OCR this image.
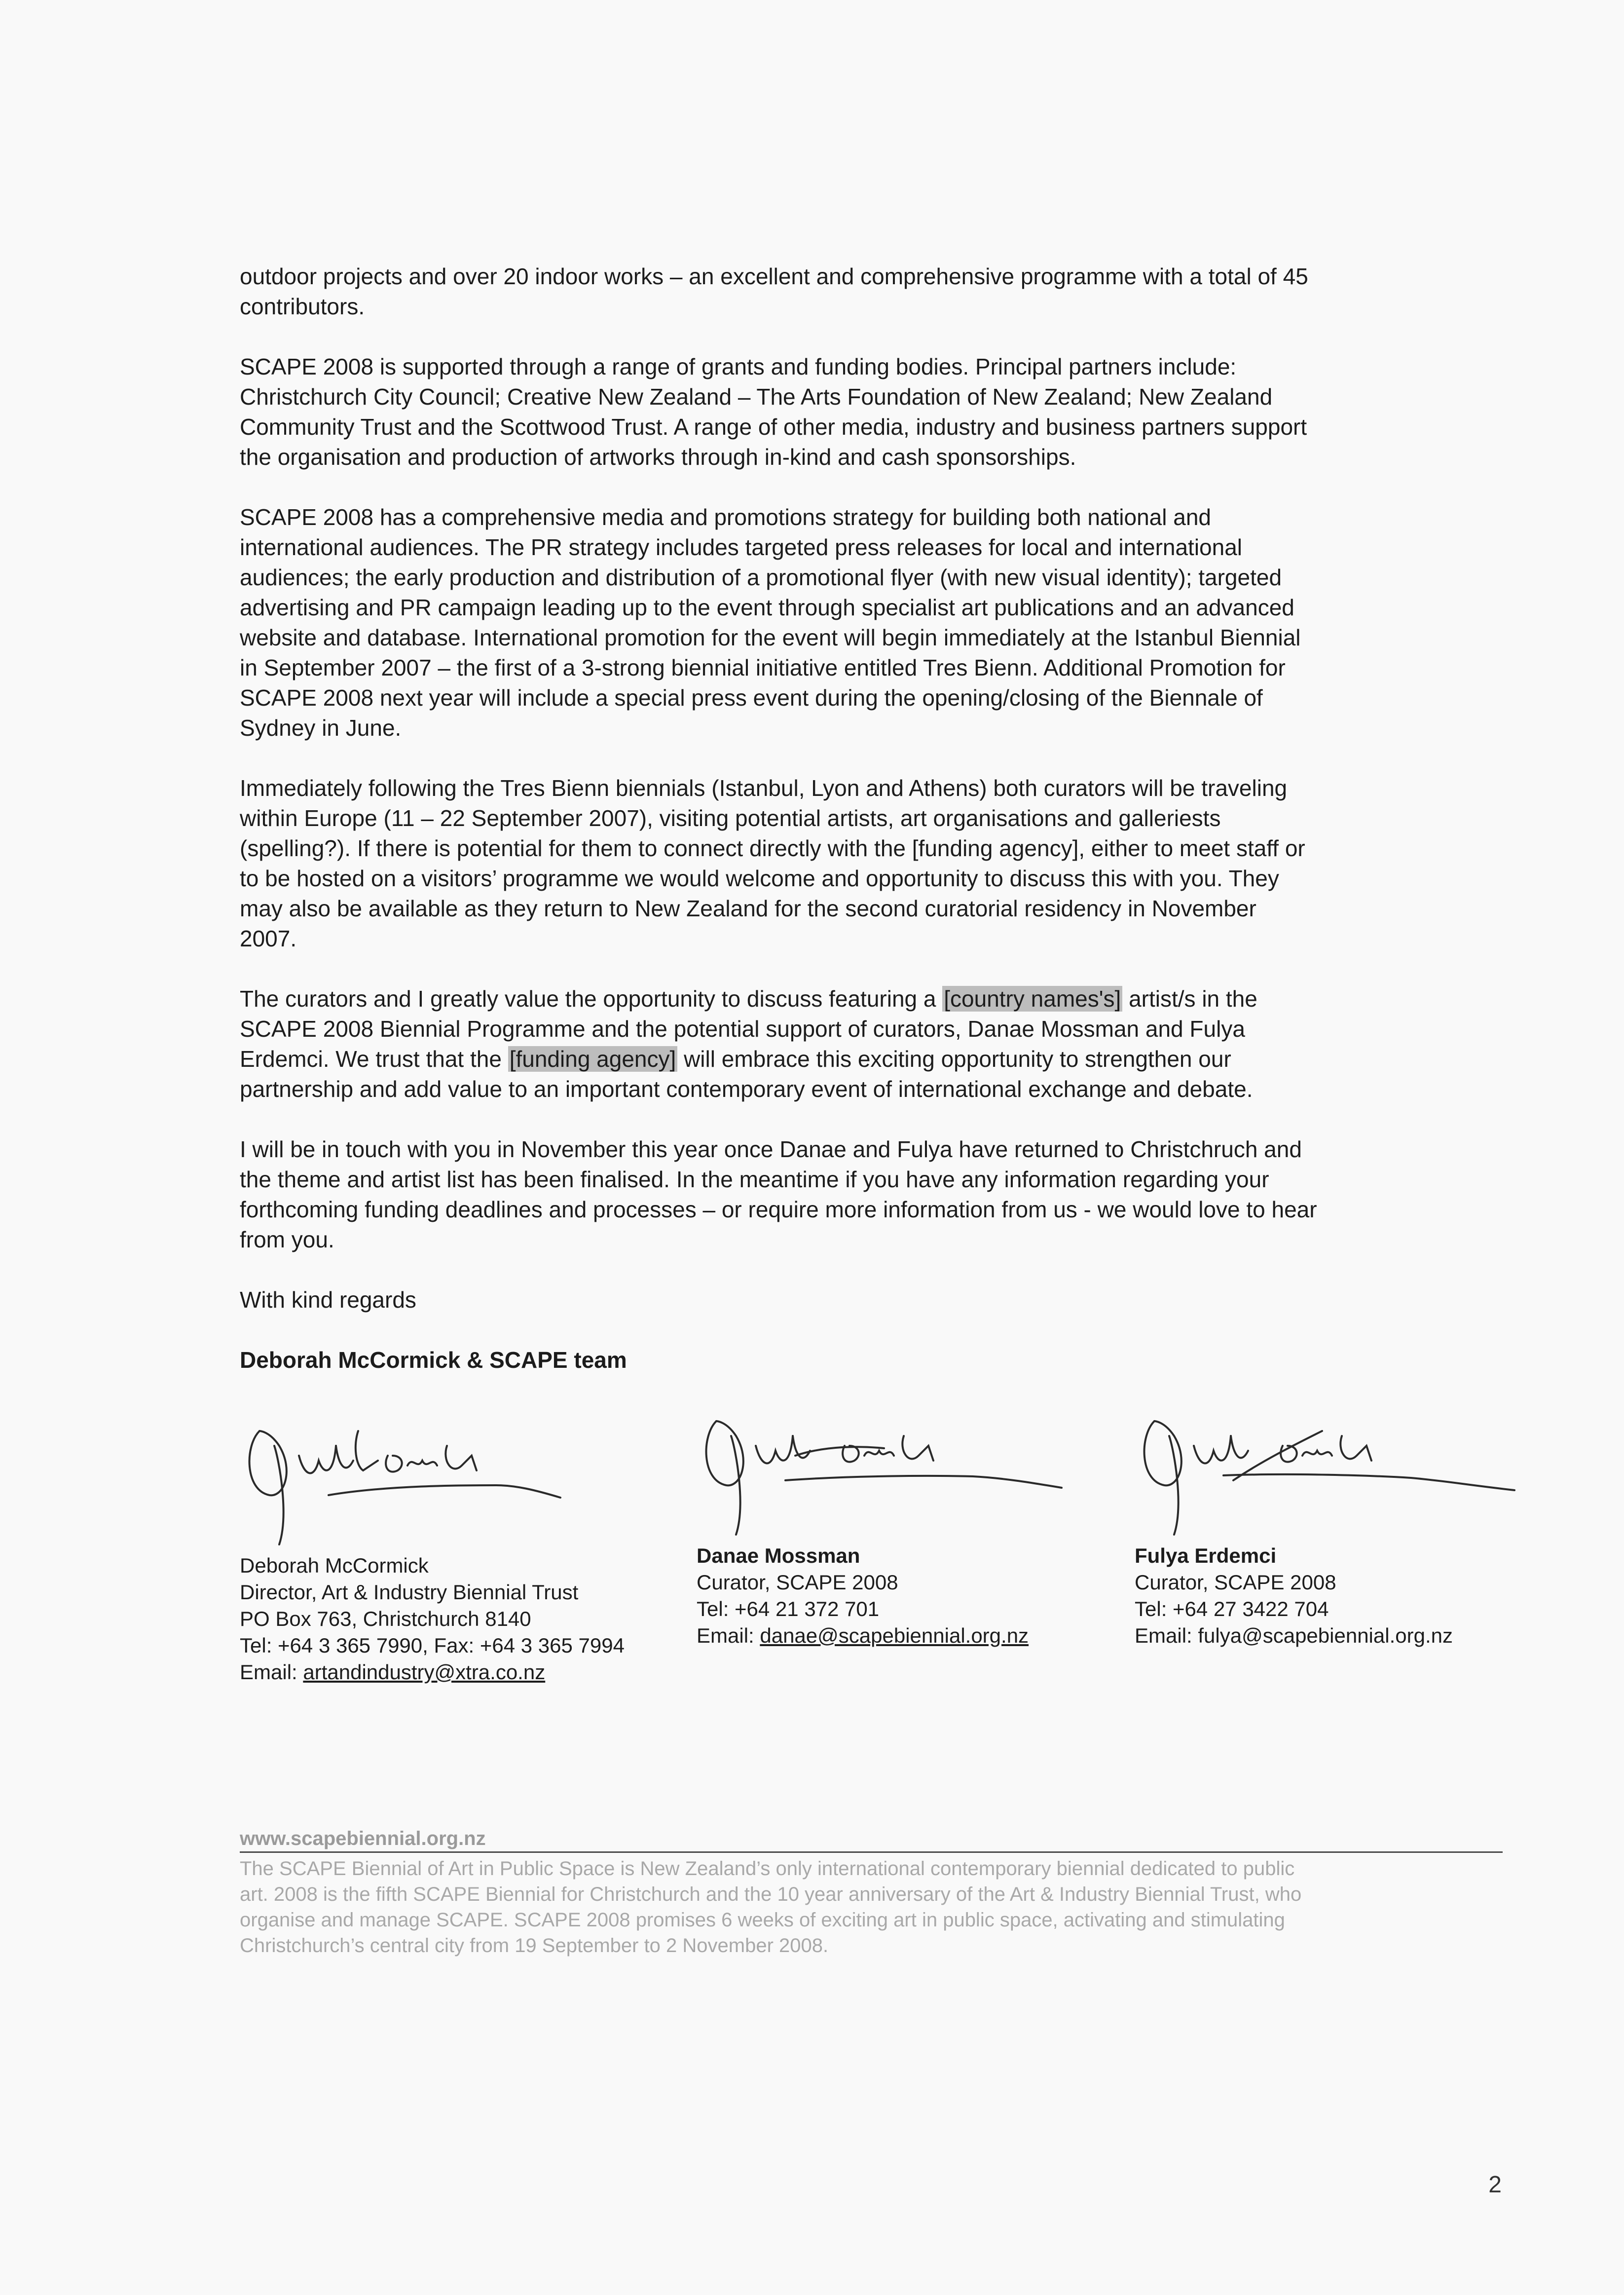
outdoor projects and over 20 indoor works – an excellent and comprehensive programme with a total of 45
contributors.

SCAPE 2008 is supported through a range of grants and funding bodies. Principal partners include:
Christchurch City Council; Creative New Zealand – The Arts Foundation of New Zealand; New Zealand
Community Trust and the Scottwood Trust. A range of other media, industry and business partners support
the organisation and production of artworks through in-kind and cash sponsorships.

SCAPE 2008 has a comprehensive media and promotions strategy for building both national and
international audiences. The PR strategy includes targeted press releases for local and international
audiences; the early production and distribution of a promotional flyer (with new visual identity); targeted
advertising and PR campaign leading up to the event through specialist art publications and an advanced
website and database. International promotion for the event will begin immediately at the Istanbul Biennial
in September 2007 – the first of a 3-strong biennial initiative entitled Tres Bienn. Additional Promotion for
SCAPE 2008 next year will include a special press event during the opening/closing of the Biennale of
Sydney in June.

Immediately following the Tres Bienn biennials (Istanbul, Lyon and Athens) both curators will be traveling
within Europe (11 – 22 September 2007), visiting potential artists, art organisations and galleriests
(spelling?). If there is potential for them to connect directly with the [funding agency], either to meet staff or
to be hosted on a visitors’ programme we would welcome and opportunity to discuss this with you. They
may also be available as they return to New Zealand for the second curatorial residency in November
2007.

The curators and I greatly value the opportunity to discuss featuring a [country names's] artist/s in the
SCAPE 2008 Biennial Programme and the potential support of curators, Danae Mossman and Fulya
Erdemci. We trust that the [funding agency] will embrace this exciting opportunity to strengthen our
partnership and add value to an important contemporary event of international exchange and debate.

I will be in touch with you in November this year once Danae and Fulya have returned to Christchruch and
the theme and artist list has been finalised. In the meantime if you have any information regarding your
forthcoming funding deadlines and processes – or require more information from us - we would love to hear
from you.

With kind regards

Deborah McCormick & SCAPE team

Deborah McCormick
Director, Art & Industry Biennial Trust
PO Box 763, Christchurch 8140
Tel: +64 3 365 7990, Fax: +64 3 365 7994
Email: artandindustry@xtra.co.nz
Danae Mossman
Curator, SCAPE 2008
Tel: +64 21 372 701
Email: danae@scapebiennial.org.nz
Fulya Erdemci
Curator, SCAPE 2008
Tel: +64 27 3422 704
Email: fulya@scapebiennial.org.nz
www.scapebiennial.org.nz
The SCAPE Biennial of Art in Public Space is New Zealand’s only international contemporary biennial dedicated to public
art. 2008 is the fifth SCAPE Biennial for Christchurch and the 10 year anniversary of the Art & Industry Biennial Trust, who
organise and manage SCAPE. SCAPE 2008 promises 6 weeks of exciting art in public space, activating and stimulating
Christchurch’s central city from 19 September to 2 November 2008.
2
